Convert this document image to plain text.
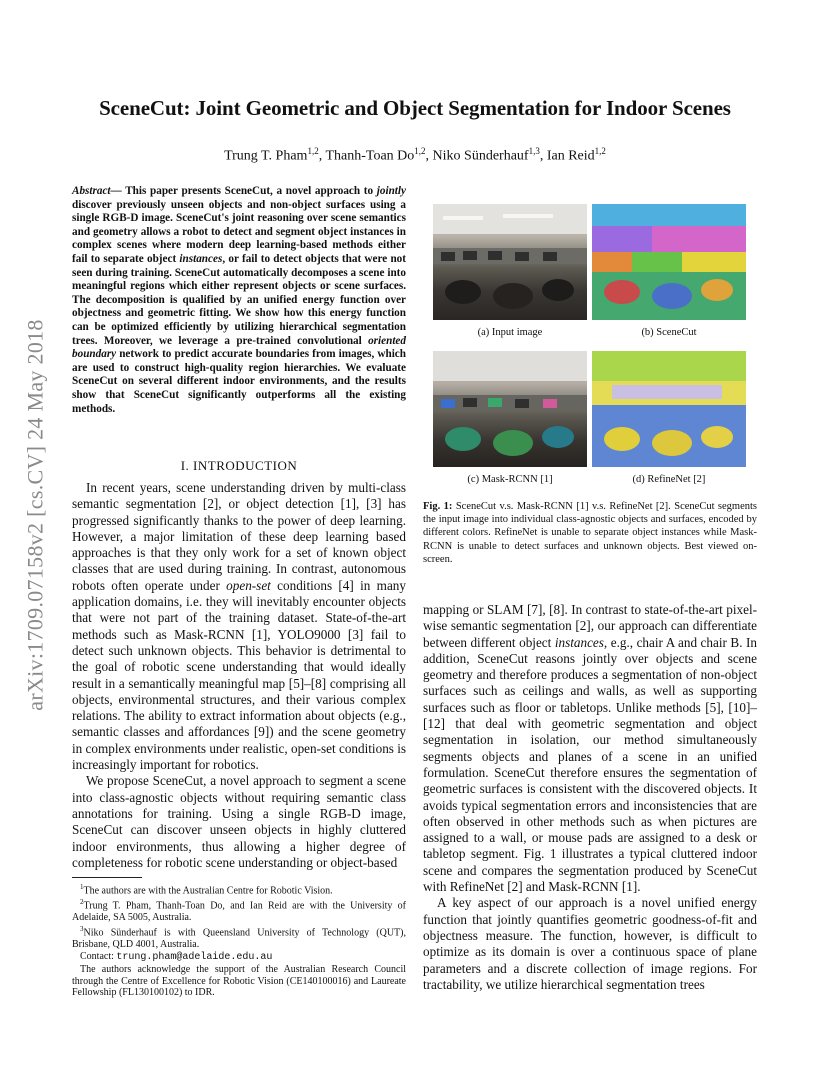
arXiv:1709.07158v2 [cs.CV] 24 May 2018
SceneCut: Joint Geometric and Object Segmentation for Indoor Scenes
Trung T. Pham$^{1,2}$, Thanh-Toan Do$^{1,2}$, Niko Sünderhauf$^{1,3}$, Ian Reid$^{1,2}$
Abstract— This paper presents SceneCut, a novel approach to jointly discover previously unseen objects and non-object surfaces using a single RGB-D image. SceneCut's joint reasoning over scene semantics and geometry allows a robot to detect and segment object instances in complex scenes where modern deep learning-based methods either fail to separate object instances, or fail to detect objects that were not seen during training. SceneCut automatically decomposes a scene into meaningful regions which either represent objects or scene surfaces. The decomposition is qualified by an unified energy function over objectness and geometric fitting. We show how this energy function can be optimized efficiently by utilizing hierarchical segmentation trees. Moreover, we leverage a pre-trained convolutional oriented boundary network to predict accurate boundaries from images, which are used to construct high-quality region hierarchies. We evaluate SceneCut on several different indoor environments, and the results show that SceneCut significantly outperforms all the existing methods.
I. INTRODUCTION

In recent years, scene understanding driven by multi-class semantic segmentation [2], or object detection [1], [3] has progressed significantly thanks to the power of deep learning. However, a major limitation of these deep learning based approaches is that they only work for a set of known object classes that are used during training. In contrast, autonomous robots often operate under open-set conditions [4] in many application domains, i.e. they will inevitably encounter objects that were not part of the training dataset. State-of-the-art methods such as Mask-RCNN [1], YOLO9000 [3] fail to detect such unknown objects. This behavior is detrimental to the goal of robotic scene understanding that would ideally result in a semantically meaningful map [5]–[8] comprising all objects, environmental structures, and their various complex relations. The ability to extract information about objects (e.g., semantic classes and affordances [9]) and the scene geometry in complex environments under realistic, open-set conditions is increasingly important for robotics.

We propose SceneCut, a novel approach to segment a scene into class-agnostic objects without requiring semantic class annotations for training. Using a single RGB-D image, SceneCut can discover unseen objects in highly cluttered indoor environments, thus allowing a higher degree of completeness for robotic scene understanding or object-based

$^1$The authors are with the Australian Centre for Robotic Vision.

$^2$Trung T. Pham, Thanh-Toan Do, and Ian Reid are with the University of Adelaide, SA 5005, Australia.

$^3$Niko Sünderhauf is with Queensland University of Technology (QUT), Brisbane, QLD 4001, Australia.

Contact: trung.pham@adelaide.edu.au

The authors acknowledge the support of the Australian Research Council through the Centre of Excellence for Robotic Vision (CE140100016) and Laureate Fellowship (FL130100102) to IDR.

(a) Input image	(b) SceneCut
(c) Mask-RCNN [1]	(d) RefineNet [2]
Fig. 1: SceneCut v.s. Mask-RCNN [1] v.s. RefineNet [2]. SceneCut segments the input image into individual class-agnostic objects and surfaces, encoded by different colors. RefineNet is unable to separate object instances while Mask-RCNN is unable to detect surfaces and unknown objects. Best viewed on-screen.

mapping or SLAM [7], [8]. In contrast to state-of-the-art pixel-wise semantic segmentation [2], our approach can differentiate between different object instances, e.g., chair A and chair B. In addition, SceneCut reasons jointly over objects and scene geometry and therefore produces a segmentation of non-object surfaces such as ceilings and walls, as well as supporting surfaces such as floor or tabletops. Unlike methods [5], [10]–[12] that deal with geometric segmentation and object segmentation in isolation, our method simultaneously segments objects and planes of a scene in an unified formulation. SceneCut therefore ensures the segmentation of geometric surfaces is consistent with the discovered objects. It avoids typical segmentation errors and inconsistencies that are often observed in other methods such as when pictures are assigned to a wall, or mouse pads are assigned to a desk or tabletop segment. Fig. 1 illustrates a typical cluttered indoor scene and compares the segmentation produced by SceneCut with RefineNet [2] and Mask-RCNN [1].

A key aspect of our approach is a novel unified energy function that jointly quantifies geometric goodness-of-fit and objectness measure. The function, however, is difficult to optimize as its domain is over a continuous space of plane parameters and a discrete collection of image regions. For tractability, we utilize hierarchical segmentation trees
